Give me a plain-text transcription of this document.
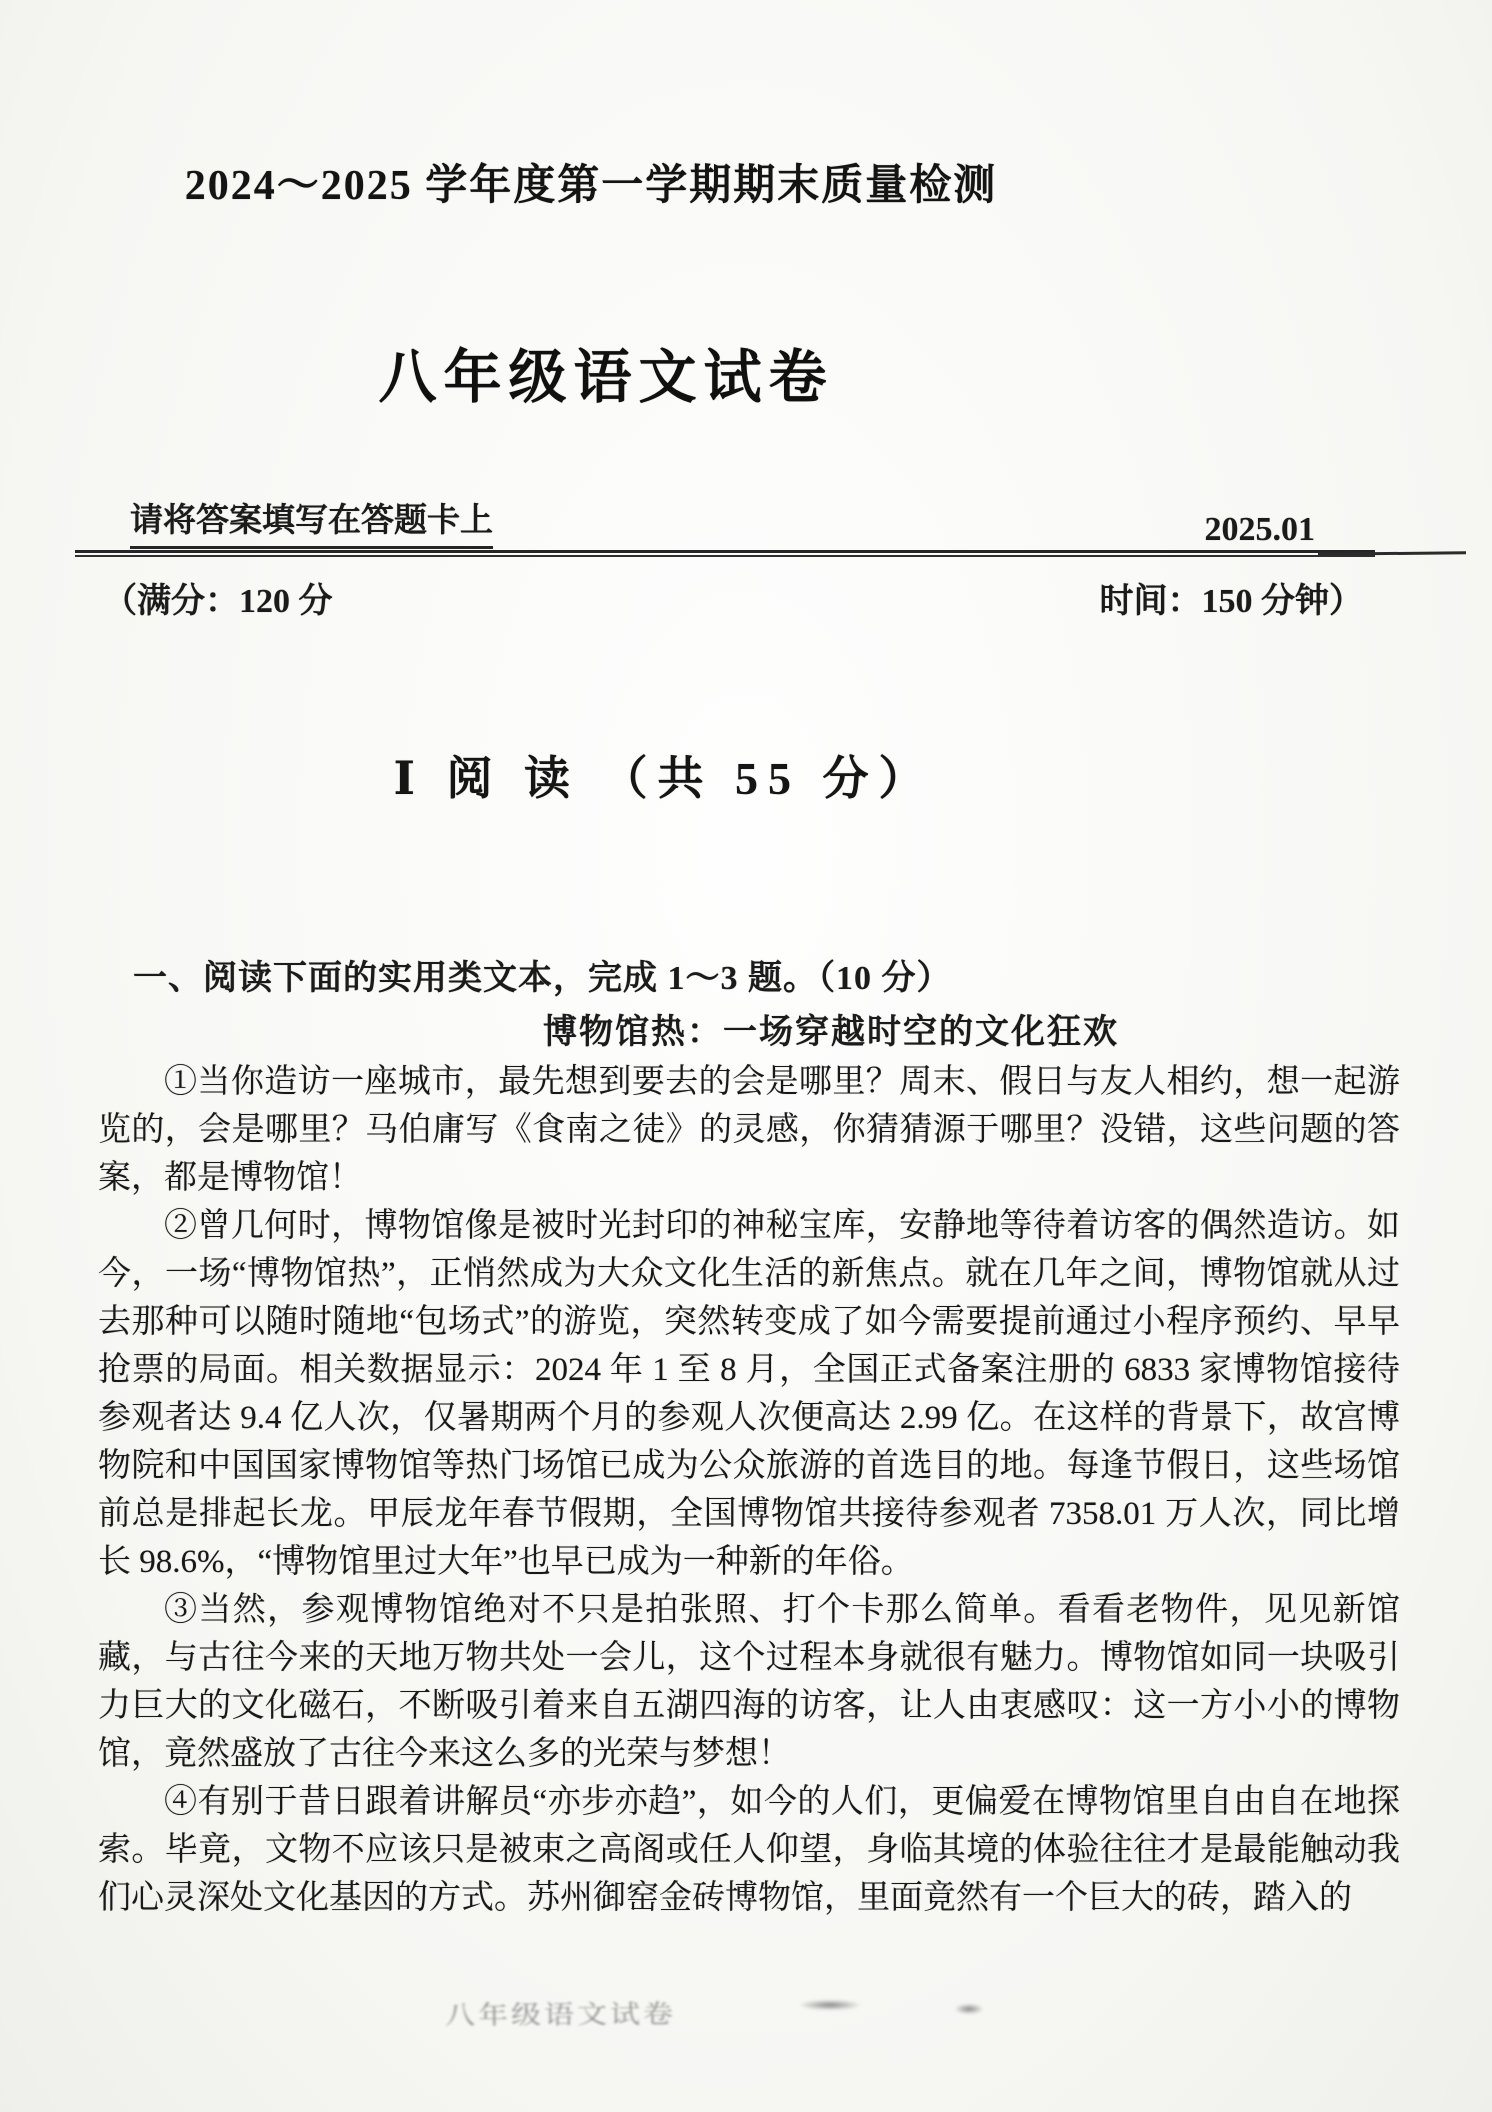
2024～2025 学年度第一学期期末质量检测
八年级语文试卷
请将答案填写在答题卡上	2025.01
（满分：120 分	时间：150 分钟）
Ⅰ 阅 读 （共 55 分）
一、阅读下面的实用类文本，完成 1～3 题。（10 分）
博物馆热：一场穿越时空的文化狂欢

①当你造访一座城市，最先想到要去的会是哪里？周末、假日与友人相约，想一起游览的，会是哪里？马伯庸写《食南之徒》的灵感，你猜猜源于哪里？没错，这些问题的答案，都是博物馆！

②曾几何时，博物馆像是被时光封印的神秘宝库，安静地等待着访客的偶然造访。如今，一场“博物馆热”，正悄然成为大众文化生活的新焦点。就在几年之间，博物馆就从过去那种可以随时随地“包场式”的游览，突然转变成了如今需要提前通过小程序预约、早早抢票的局面。相关数据显示：2024 年 1 至 8 月，全国正式备案注册的 6833 家博物馆接待参观者达 9.4 亿人次，仅暑期两个月的参观人次便高达 2.99 亿。在这样的背景下，故宫博物院和中国国家博物馆等热门场馆已成为公众旅游的首选目的地。每逢节假日，这些场馆前总是排起长龙。甲辰龙年春节假期，全国博物馆共接待参观者 7358.01 万人次，同比增长 98.6%，“博物馆里过大年”也早已成为一种新的年俗。

③当然，参观博物馆绝对不只是拍张照、打个卡那么简单。看看老物件，见见新馆藏，与古往今来的天地万物共处一会儿，这个过程本身就很有魅力。博物馆如同一块吸引力巨大的文化磁石，不断吸引着来自五湖四海的访客，让人由衷感叹：这一方小小的博物馆，竟然盛放了古往今来这么多的光荣与梦想！

④有别于昔日跟着讲解员“亦步亦趋”，如今的人们，更偏爱在博物馆里自由自在地探索。毕竟，文物不应该只是被束之高阁或任人仰望，身临其境的体验往往才是最能触动我们心灵深处文化基因的方式。苏州御窑金砖博物馆，里面竟然有一个巨大的砖，踏入的

八年级语文试卷
